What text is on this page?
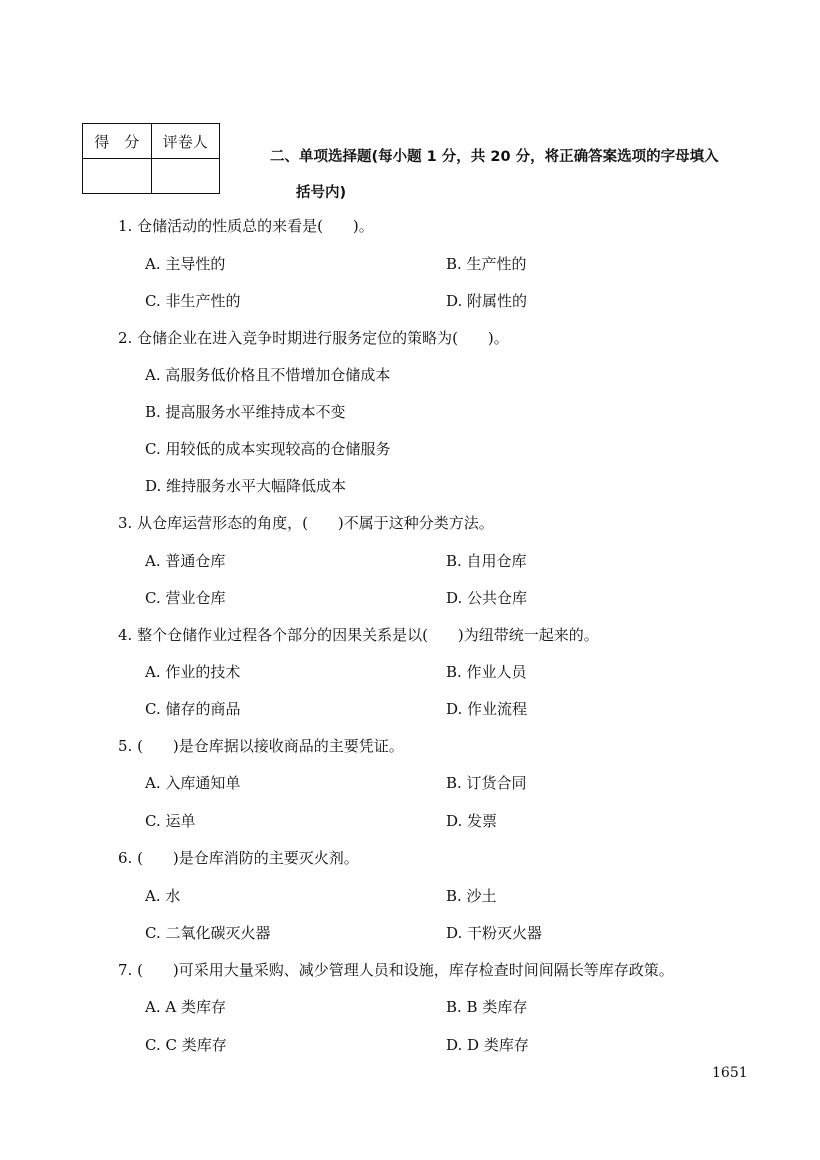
得　分	评卷人

二、单项选择题(每小题 1 分，共 20 分，将正确答案选项的字母填入
括号内)
1. 仓储活动的性质总的来看是(　　)。
A. 主导性的	B. 生产性的
C. 非生产性的	D. 附属性的
2. 仓储企业在进入竞争时期进行服务定位的策略为(　　)。
A. 高服务低价格且不惜增加仓储成本
B. 提高服务水平维持成本不变
C. 用较低的成本实现较高的仓储服务
D. 维持服务水平大幅降低成本
3. 从仓库运营形态的角度，(　　)不属于这种分类方法。
A. 普通仓库	B. 自用仓库
C. 营业仓库	D. 公共仓库
4. 整个仓储作业过程各个部分的因果关系是以(　　)为纽带统一起来的。
A. 作业的技术	B. 作业人员
C. 储存的商品	D. 作业流程
5. (　　)是仓库据以接收商品的主要凭证。
A. 入库通知单	B. 订货合同
C. 运单	D. 发票
6. (　　)是仓库消防的主要灭火剂。
A. 水	B. 沙土
C. 二氧化碳灭火器	D. 干粉灭火器
7. (　　)可采用大量采购、减少管理人员和设施，库存检查时间间隔长等库存政策。
A. A 类库存	B. B 类库存
C. C 类库存	D. D 类库存
1651
